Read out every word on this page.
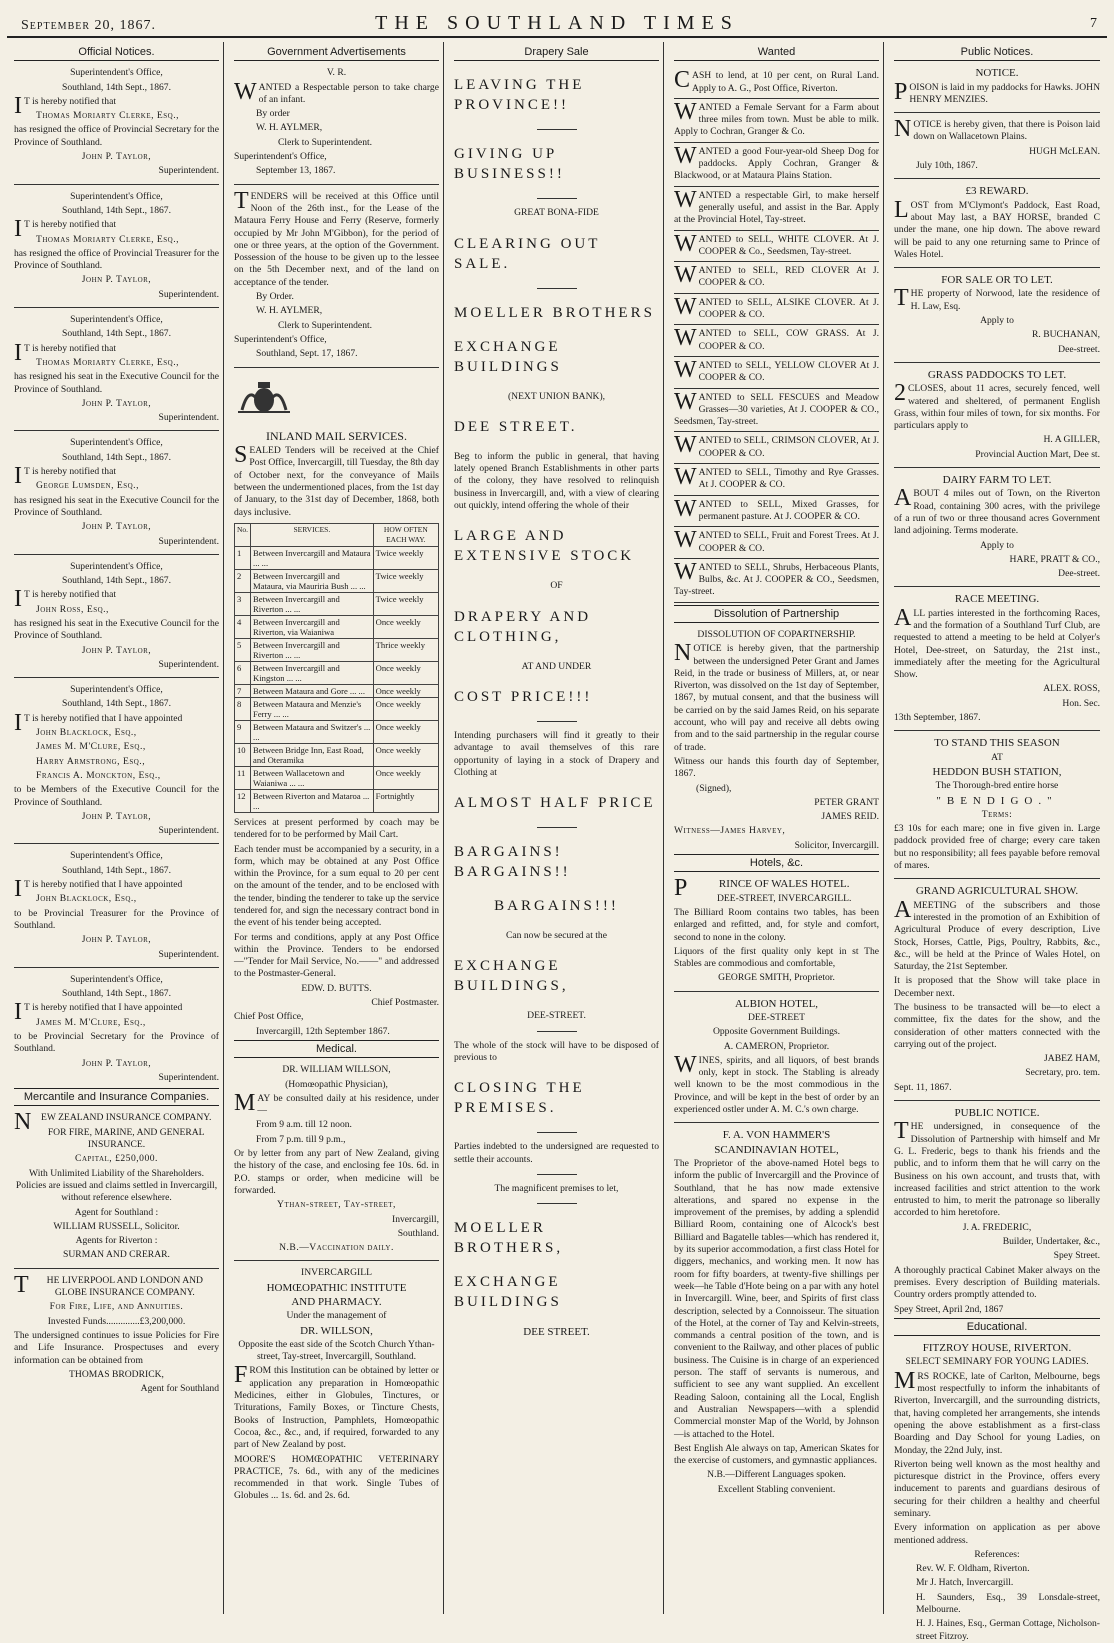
September 20, 1867.	THE SOUTHLAND TIMES	7
Official Notices.

Superintendent's Office,

Southland, 14th Sept., 1867.

IT is hereby notified that

Thomas Moriarty Clerke, Esq.,

has resigned the office of Provincial Secretary for the Province of Southland.

John P. Taylor,

Superintendent.

Superintendent's Office,

Southland, 14th Sept., 1867.

IT is hereby notified that

Thomas Moriarty Clerke, Esq.,

has resigned the office of Provincial Treasurer for the Province of Southland.

John P. Taylor,

Superintendent.

Superintendent's Office,

Southland, 14th Sept., 1867.

IT is hereby notified that

Thomas Moriarty Clerke, Esq.,

has resigned his seat in the Executive Council for the Province of Southland.

John P. Taylor,

Superintendent.

Superintendent's Office,

Southland, 14th Sept., 1867.

IT is hereby notified that

George Lumsden, Esq.,

has resigned his seat in the Executive Council for the Province of Southland.

John P. Taylor,

Superintendent.

Superintendent's Office,

Southland, 14th Sept., 1867.

IT is hereby notified that

John Ross, Esq.,

has resigned his seat in the Executive Council for the Province of Southland.

John P. Taylor,

Superintendent.

Superintendent's Office,

Southland, 14th Sept., 1867.

IT is hereby notified that I have appointed

John Blacklock, Esq.,

James M. M'Clure, Esq.,

Harry Armstrong, Esq.,

Francis A. Monckton, Esq.,

to be Members of the Executive Council for the Province of Southland.

John P. Taylor,

Superintendent.

Superintendent's Office,

Southland, 14th Sept., 1867.

IT is hereby notified that I have appointed

John Blacklock, Esq.,

to be Provincial Treasurer for the Province of Southland.

John P. Taylor,

Superintendent.

Superintendent's Office,

Southland, 14th Sept., 1867.

IT is hereby notified that I have appointed

James M. M'Clure, Esq.,

to be Provincial Secretary for the Province of Southland.

John P. Taylor,

Superintendent.

Mercantile and Insurance Companies.

NEW ZEALAND INSURANCE COMPANY.

FOR FIRE, MARINE, AND GENERAL INSURANCE.

Capital, £250,000.

With Unlimited Liability of the Shareholders. Policies are issued and claims settled in Invercargill, without reference elsewhere.

Agent for Southland :

WILLIAM RUSSELL, Solicitor.

Agents for Riverton :

SURMAN AND CRERAR.

THE LIVERPOOL AND LONDON AND GLOBE INSURANCE COMPANY.

For Fire, Life, and Annuities.

Invested Funds..............£3,200,000.

The undersigned continues to issue Policies for Fire and Life Insurance. Prospectuses and every information can be obtained from

THOMAS BRODRICK,

Agent for Southland

Government Advertisements

V. R.

WANTED a Respectable person to take charge of an infant.

By order

W. H. AYLMER,

Clerk to Superintendent.

Superintendent's Office,

September 13, 1867.

TENDERS will be received at this Office until Noon of the 26th inst., for the Lease of the Mataura Ferry House and Ferry (Reserve, formerly occupied by Mr John M'Gibbon), for the period of one or three years, at the option of the Government. Possession of the house to be given up to the lessee on the 5th December next, and of the land on acceptance of the tender.

By Order.

W. H. AYLMER,

Clerk to Superintendent.

Superintendent's Office,

Southland, Sept. 17, 1867.

INLAND MAIL SERVICES.

SEALED Tenders will be received at the Chief Post Office, Invercargill, till Tuesday, the 8th day of October next, for the conveyance of Mails between the undermentioned places, from the 1st day of January, to the 31st day of December, 1868, both days inclusive.

No.	SERVICES.	HOW OFTEN EACH WAY.
1	Between Invercargill and Mataura ... ...	Twice weekly
2	Between Invercargill and Mataura, via Mauriria Bush ... ...	Twice weekly
3	Between Invercargill and Riverton ... ...	Twice weekly
4	Between Invercargill and Riverton, via Waianiwa	Once weekly
5	Between Invercargill and Riverton ... ...	Thrice weekly
6	Between Invercargill and Kingston ... ...	Once weekly
7	Between Mataura and Gore ... ...	Once weekly
8	Between Mataura and Menzie's Ferry ... ...	Once weekly
9	Between Mataura and Switzer's ... ...	Once weekly
10	Between Bridge Inn, East Road, and Oteramika	Once weekly
11	Between Wallacetown and Waianiwa ... ...	Once weekly
12	Between Riverton and Mataroa ... ...	Fortnightly

Services at present performed by coach may be tendered for to be performed by Mail Cart.

Each tender must be accompanied by a security, in a form, which may be obtained at any Post Office within the Province, for a sum equal to 20 per cent on the amount of the tender, and to be enclosed with the tender, binding the tenderer to take up the service tendered for, and sign the necessary contract bond in the event of his tender being accepted.

For terms and conditions, apply at any Post Office within the Province. Tenders to be endorsed—"Tender for Mail Service, No.——" and addressed to the Postmaster-General.

EDW. D. BUTTS.

Chief Postmaster.

Chief Post Office,

Invercargill, 12th September 1867.

Medical.

DR. WILLIAM WILLSON,

(Homœopathic Physician),

MAY be consulted daily at his residence, under—

From 9 a.m. till 12 noon.

From 7 p.m. till 9 p.m.,

Or by letter from any part of New Zealand, giving the history of the case, and enclosing fee 10s. 6d. in P.O. stamps or order, when medicine will be forwarded.

Ythan-street, Tay-street,

Invercargill,

Southland.

N.B.—Vaccination daily.

INVERCARGILL

HOMŒOPATHIC INSTITUTE

AND PHARMACY.

Under the management of

DR. WILLSON,

Opposite the east side of the Scotch Church Ythan-street, Tay-street, Invercargill, Southland.

FROM this Institution can be obtained by letter or application any preparation in Homœopathic Medicines, either in Globules, Tinctures, or Triturations, Family Boxes, or Tincture Chests, Books of Instruction, Pamphlets, Homœopathic Cocoa, &c., &c., and, if required, forwarded to any part of New Zealand by post.

MOORE'S HOMŒOPATHIC VETERINARY PRACTICE, 7s. 6d., with any of the medicines recommended in that work. Single Tubes of Globules ... 1s. 6d. and 2s. 6d.

Drapery Sale
LEAVING THE PROVINCE!!
GIVING UP BUSINESS!!

GREAT BONA-FIDE

CLEARING OUT SALE.
MOELLER BROTHERS
EXCHANGE BUILDINGS

(NEXT UNION BANK),

DEE STREET.

Beg to inform the public in general, that having lately opened Branch Establishments in other parts of the colony, they have resolved to relinquish business in Invercargill, and, with a view of clearing out quickly, intend offering the whole of their

LARGE AND EXTENSIVE STOCK

OF

DRAPERY AND CLOTHING,

AT AND UNDER

COST PRICE!!!

Intending purchasers will find it greatly to their advantage to avail themselves of this rare opportunity of laying in a stock of Drapery and Clothing at

ALMOST HALF PRICE
BARGAINS! BARGAINS!!
BARGAINS!!!

Can now be secured at the

EXCHANGE BUILDINGS,

DEE-STREET.

The whole of the stock will have to be disposed of previous to

CLOSING THE PREMISES.

Parties indebted to the undersigned are requested to settle their accounts.

The magnificent premises to let,

MOELLER BROTHERS,
EXCHANGE BUILDINGS

DEE STREET.

Wanted

CASH to lend, at 10 per cent, on Rural Land. Apply to A. G., Post Office, Riverton.

WANTED a Female Servant for a Farm about three miles from town. Must be able to milk. Apply to Cochran, Granger & Co.

WANTED a good Four-year-old Sheep Dog for paddocks. Apply Cochran, Granger & Blackwood, or at Mataura Plains Station.

WANTED a respectable Girl, to make herself generally useful, and assist in the Bar. Apply at the Provincial Hotel, Tay-street.

WANTED to SELL, WHITE CLOVER. At J. COOPER & Co., Seedsmen, Tay-street.

WANTED to SELL, RED CLOVER At J. COOPER & CO.

WANTED to SELL, ALSIKE CLOVER. At J. COOPER & CO.

WANTED to SELL, COW GRASS. At J. COOPER & CO.

WANTED to SELL, YELLOW CLOVER At J. COOPER & CO.

WANTED to SELL FESCUES and Meadow Grasses—30 varieties, At J. COOPER & CO., Seedsmen, Tay-street.

WANTED to SELL, CRIMSON CLOVER, At J. COOPER & CO.

WANTED to SELL, Timothy and Rye Grasses. At J. COOPER & CO.

WANTED to SELL, Mixed Grasses, for permanent pasture. At J. COOPER & CO.

WANTED to SELL, Fruit and Forest Trees. At J. COOPER & CO.

WANTED to SELL, Shrubs, Herbaceous Plants, Bulbs, &c. At J. COOPER & CO., Seedsmen, Tay-street.

Dissolution of Partnership

DISSOLUTION OF COPARTNERSHIP.

NOTICE is hereby given, that the partnership between the undersigned Peter Grant and James Reid, in the trade or business of Millers, at, or near Riverton, was dissolved on the 1st day of September, 1867, by mutual consent, and that the business will be carried on by the said James Reid, on his separate account, who will pay and receive all debts owing from and to the said partnership in the regular course of trade.

Witness our hands this fourth day of September, 1867.

(Signed),

PETER GRANT

JAMES REID.

Witness—James Harvey,

Solicitor, Invercargill.

Hotels, &c.

PRINCE OF WALES HOTEL.

DEE-STREET, INVERCARGILL.

The Billiard Room contains two tables, has been enlarged and refitted, and, for style and comfort, second to none in the colony.

Liquors of the first quality only kept in st The Stables are commodious and comfortable,

GEORGE SMITH, Proprietor.

ALBION HOTEL,

DEE-STREET

Opposite Government Buildings.

A. CAMERON, Proprietor.

WINES, spirits, and all liquors, of best brands only, kept in stock. The Stabling is already well known to be the most commodious in the Province, and will be kept in the best of order by an experienced ostler under A. M. C.'s own charge.

F. A. VON HAMMER'S

SCANDINAVIAN HOTEL,

The Proprietor of the above-named Hotel begs to inform the public of Invercargill and the Province of Southland, that he has now made extensive alterations, and spared no expense in the improvement of the premises, by adding a splendid Billiard Room, containing one of Alcock's best Billiard and Bagatelle tables—which has rendered it, by its superior accommodation, a first class Hotel for diggers, mechanics, and working men. It now has room for fifty boarders, at twenty-five shillings per week—he Table d'Hote being on a par with any hotel in Invercargill. Wine, beer, and Spirits of first class description, selected by a Connoisseur. The situation of the Hotel, at the corner of Tay and Kelvin-streets, commands a central position of the town, and is convenient to the Railway, and other places of public business. The Cuisine is in charge of an experienced person. The staff of servants is numerous, and sufficient to see any want supplied. An excellent Reading Saloon, containing all the Local, English and Australian Newspapers—with a splendid Commercial monster Map of the World, by Johnson—is attached to the Hotel.

Best English Ale always on tap, American Skates for the exercise of customers, and gymnastic appliances.

N.B.—Different Languages spoken.

Excellent Stabling convenient.

Public Notices.

NOTICE.

POISON is laid in my paddocks for Hawks. JOHN HENRY MENZIES.

NOTICE is hereby given, that there is Poison laid down on Wallacetown Plains.

HUGH McLEAN.

July 10th, 1867.

£3 REWARD.

LOST from M'Clymont's Paddock, East Road, about May last, a BAY HORSE, branded C under the mane, one hip down. The above reward will be paid to any one returning same to Prince of Wales Hotel.

FOR SALE OR TO LET.

THE property of Norwood, late the residence of H. Law, Esq.

Apply to

R. BUCHANAN,

Dee-street.

GRASS PADDOCKS TO LET.

2CLOSES, about 11 acres, securely fenced, well watered and sheltered, of permanent English Grass, within four miles of town, for six months. For particulars apply to

H. A GILLER,

Provincial Auction Mart, Dee st.

DAIRY FARM TO LET.

ABOUT 4 miles out of Town, on the Riverton Road, containing 300 acres, with the privilege of a run of two or three thousand acres Government land adjoining. Terms moderate.

Apply to

HARE, PRATT & CO.,

Dee-street.

RACE MEETING.

ALL parties interested in the forthcoming Races, and the formation of a Southland Turf Club, are requested to attend a meeting to be held at Colyer's Hotel, Dee-street, on Saturday, the 21st inst., immediately after the meeting for the Agricultural Show.

ALEX. ROSS,

Hon. Sec.

13th September, 1867.

TO STAND THIS SEASON

AT

HEDDON BUSH STATION,

The Thorough-bred entire horse

"BENDIGO."

Terms:

£3 10s for each mare; one in five given in. Large paddock provided free of charge; every care taken but no responsibility; all fees payable before removal of mares.

GRAND AGRICULTURAL SHOW.

AMEETING of the subscribers and those interested in the promotion of an Exhibition of Agricultural Produce of every description, Live Stock, Horses, Cattle, Pigs, Poultry, Rabbits, &c., &c., will be held at the Prince of Wales Hotel, on Saturday, the 21st September.

It is proposed that the Show will take place in December next.

The business to be transacted will be—to elect a committee, fix the dates for the show, and the consideration of other matters connected with the carrying out of the project.

JABEZ HAM,

Secretary, pro. tem.

Sept. 11, 1867.

PUBLIC NOTICE.

THE undersigned, in consequence of the Dissolution of Partnership with himself and Mr G. L. Frederic, begs to thank his friends and the public, and to inform them that he will carry on the Business on his own account, and trusts that, with increased facilities and strict attention to the work entrusted to him, to merit the patronage so liberally accorded to him heretofore.

J. A. FREDERIC,

Builder, Undertaker, &c.,

Spey Street.

A thoroughly practical Cabinet Maker always on the premises. Every description of Building materials. Country orders promptly attended to.

Spey Street, April 2nd, 1867

Educational.

FITZROY HOUSE, RIVERTON.

SELECT SEMINARY FOR YOUNG LADIES.

MRS ROCKE, late of Carlton, Melbourne, begs most respectfully to inform the inhabitants of Riverton, Invercargill, and the surrounding districts, that, having completed her arrangements, she intends opening the above establishment as a first-class Boarding and Day School for young Ladies, on Monday, the 22nd July, inst.

Riverton being well known as the most healthy and picturesque district in the Province, offers every inducement to parents and guardians desirous of securing for their children a healthy and cheerful seminary.

Every information on application as per above mentioned address.

References:

Rev. W. F. Oldham, Riverton.

Mr J. Hatch, Invercargill.

H. Saunders, Esq., 39 Lonsdale-street, Melbourne.

H. J. Haines, Esq., German Cottage, Nicholson-street Fitzroy.
